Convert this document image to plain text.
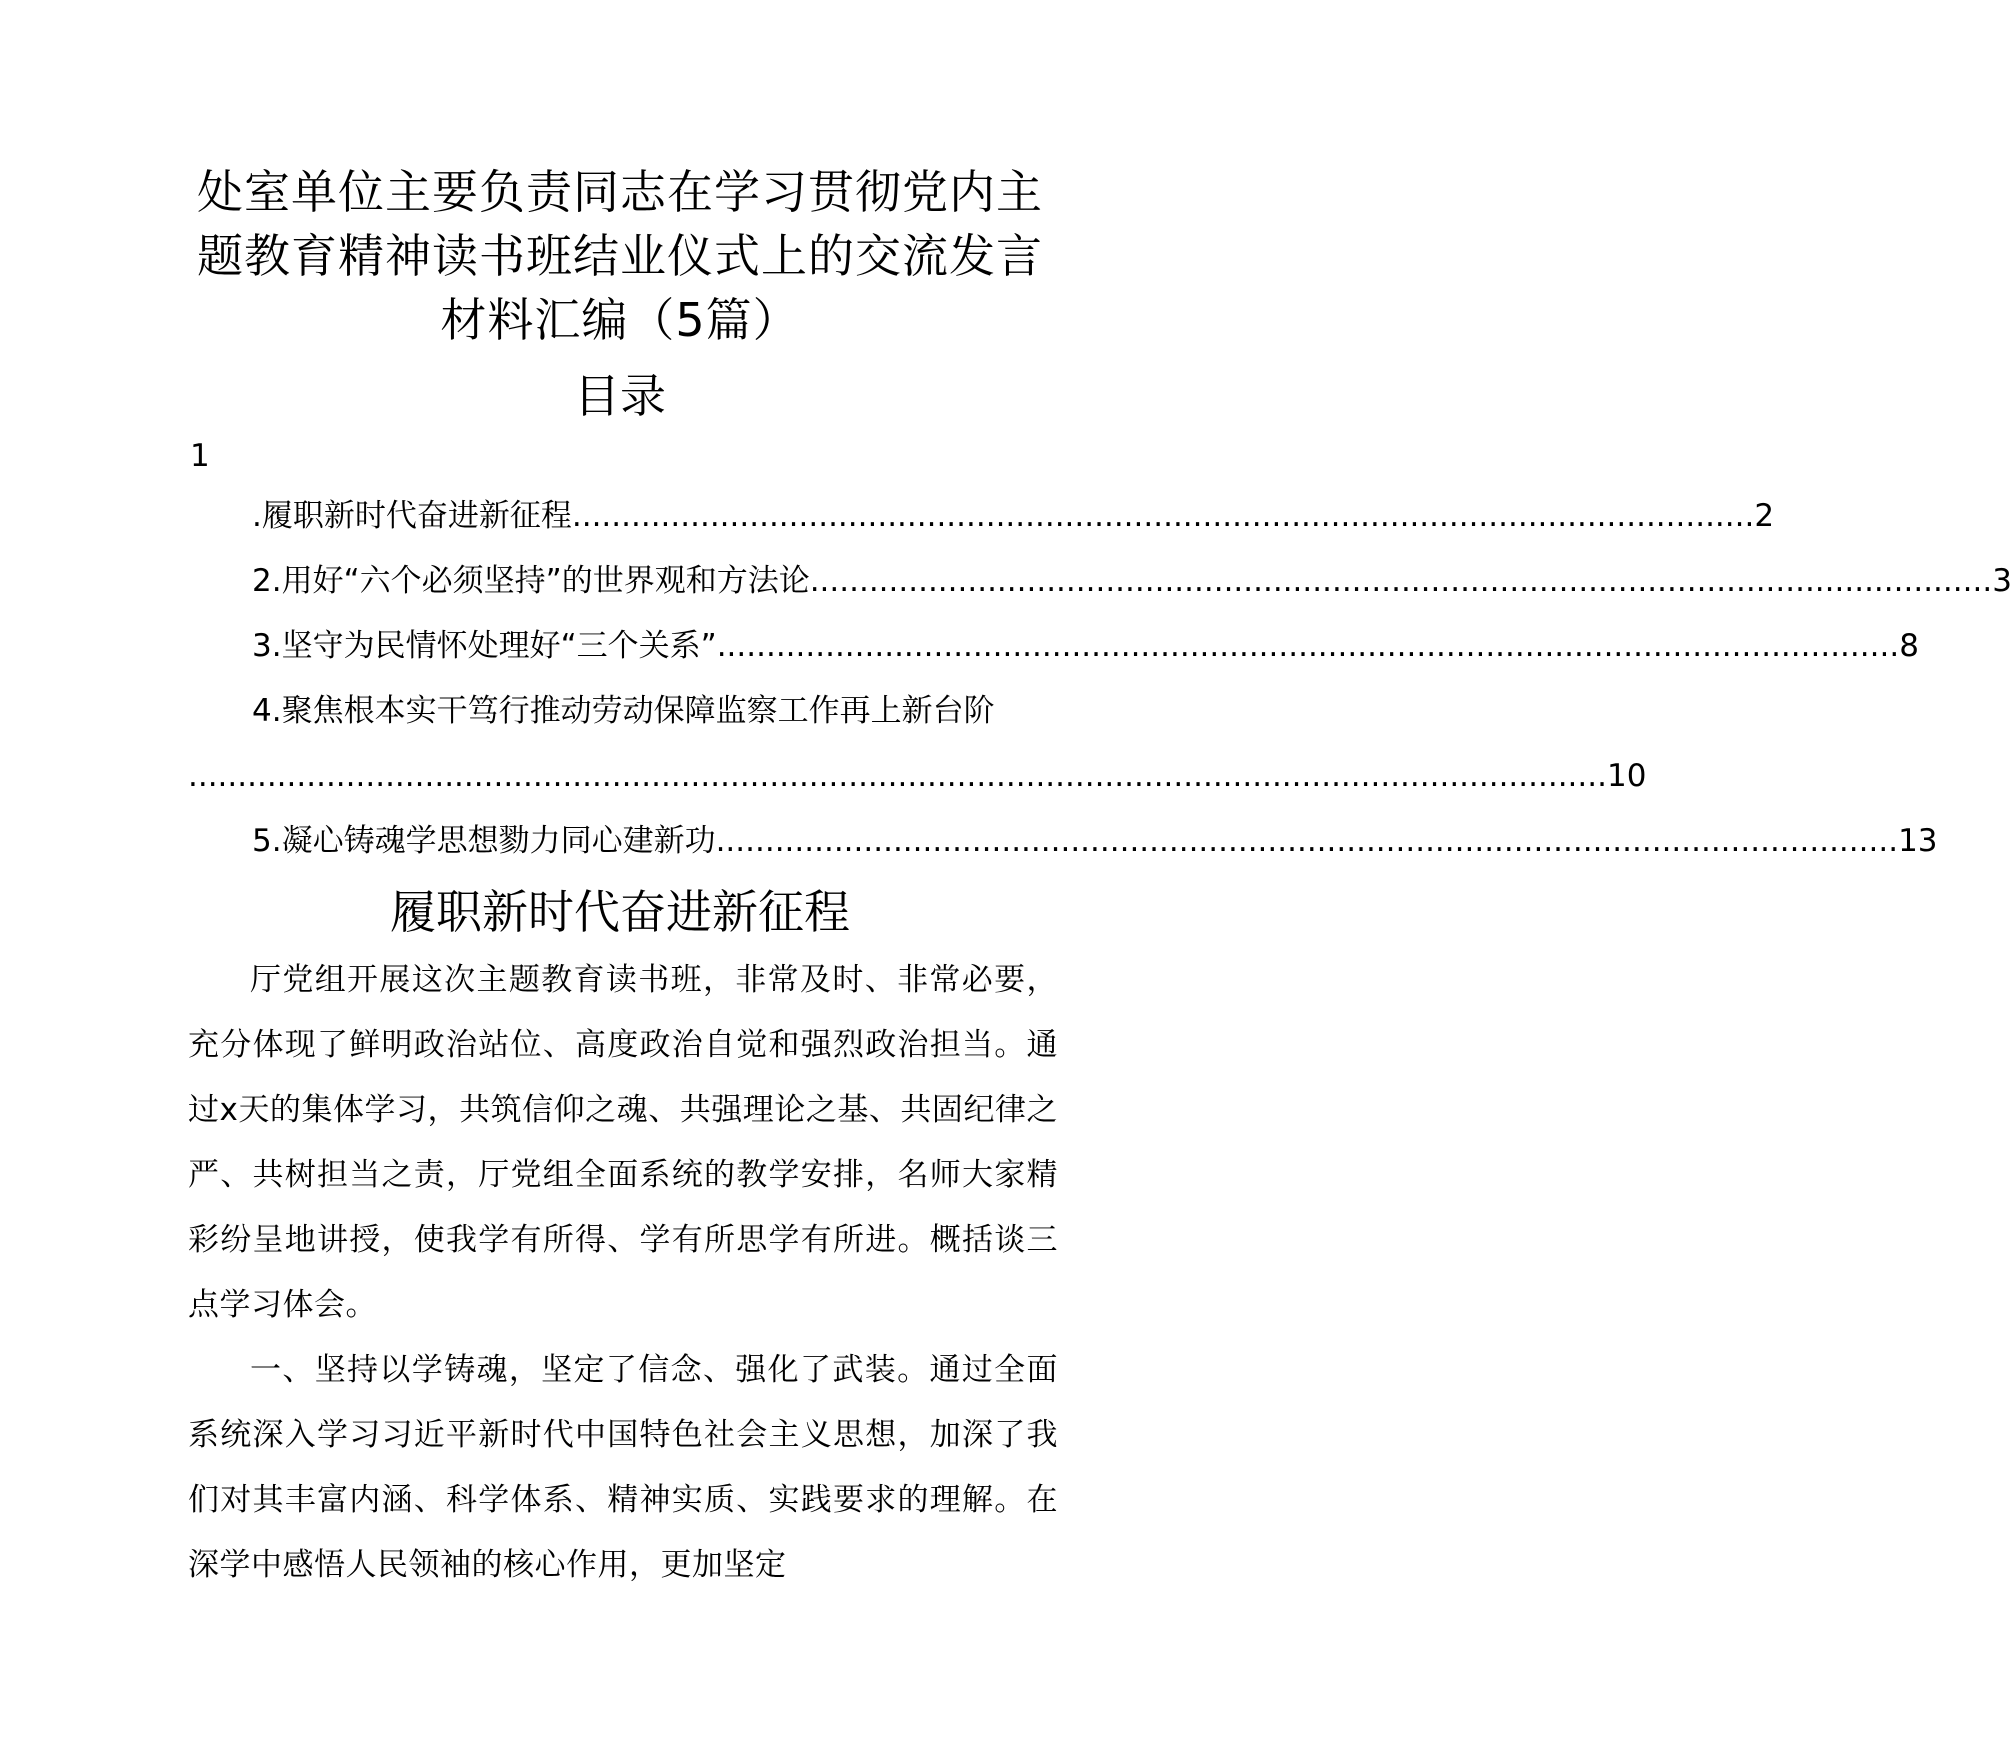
处室单位主要负责同志在学习贯彻党内主
题教育精神读书班结业仪式上的交流发言
材料汇编（5篇）
目录
1
.履职新时代奋进新征程 ........................................................................................................................ 2
2.用好“六个必须坚持”的世界观和方法论 ........................................................................................................................ 3
3.坚守为民情怀处理好“三个关系” ........................................................................................................................ 8
4.聚焦根本实干笃行推动劳动保障监察工作再上新台阶
................................................................................................................................................ 10
5.凝心铸魂学思想勠力同心建新功 ........................................................................................................................ 13
履职新时代奋进新征程
厅党组开展这次主题教育读书班，非常及时、非常必要，充分体现了鲜明政治站位、高度政治自觉和强烈政治担当。通过x天的集体学习，共筑信仰之魂、共强理论之基、共固纪律之严、共树担当之责，厅党组全面系统的教学安排，名师大家精彩纷呈地讲授，使我学有所得、学有所思学有所进。概括谈三点学习体会。
一、坚持以学铸魂，坚定了信念、强化了武装。通过全面系统深入学习习近平新时代中国特色社会主义思想，加深了我们对其丰富内涵、科学体系、精神实质、实践要求的理解。在深学中感悟人民领袖的核心作用，更加坚定
